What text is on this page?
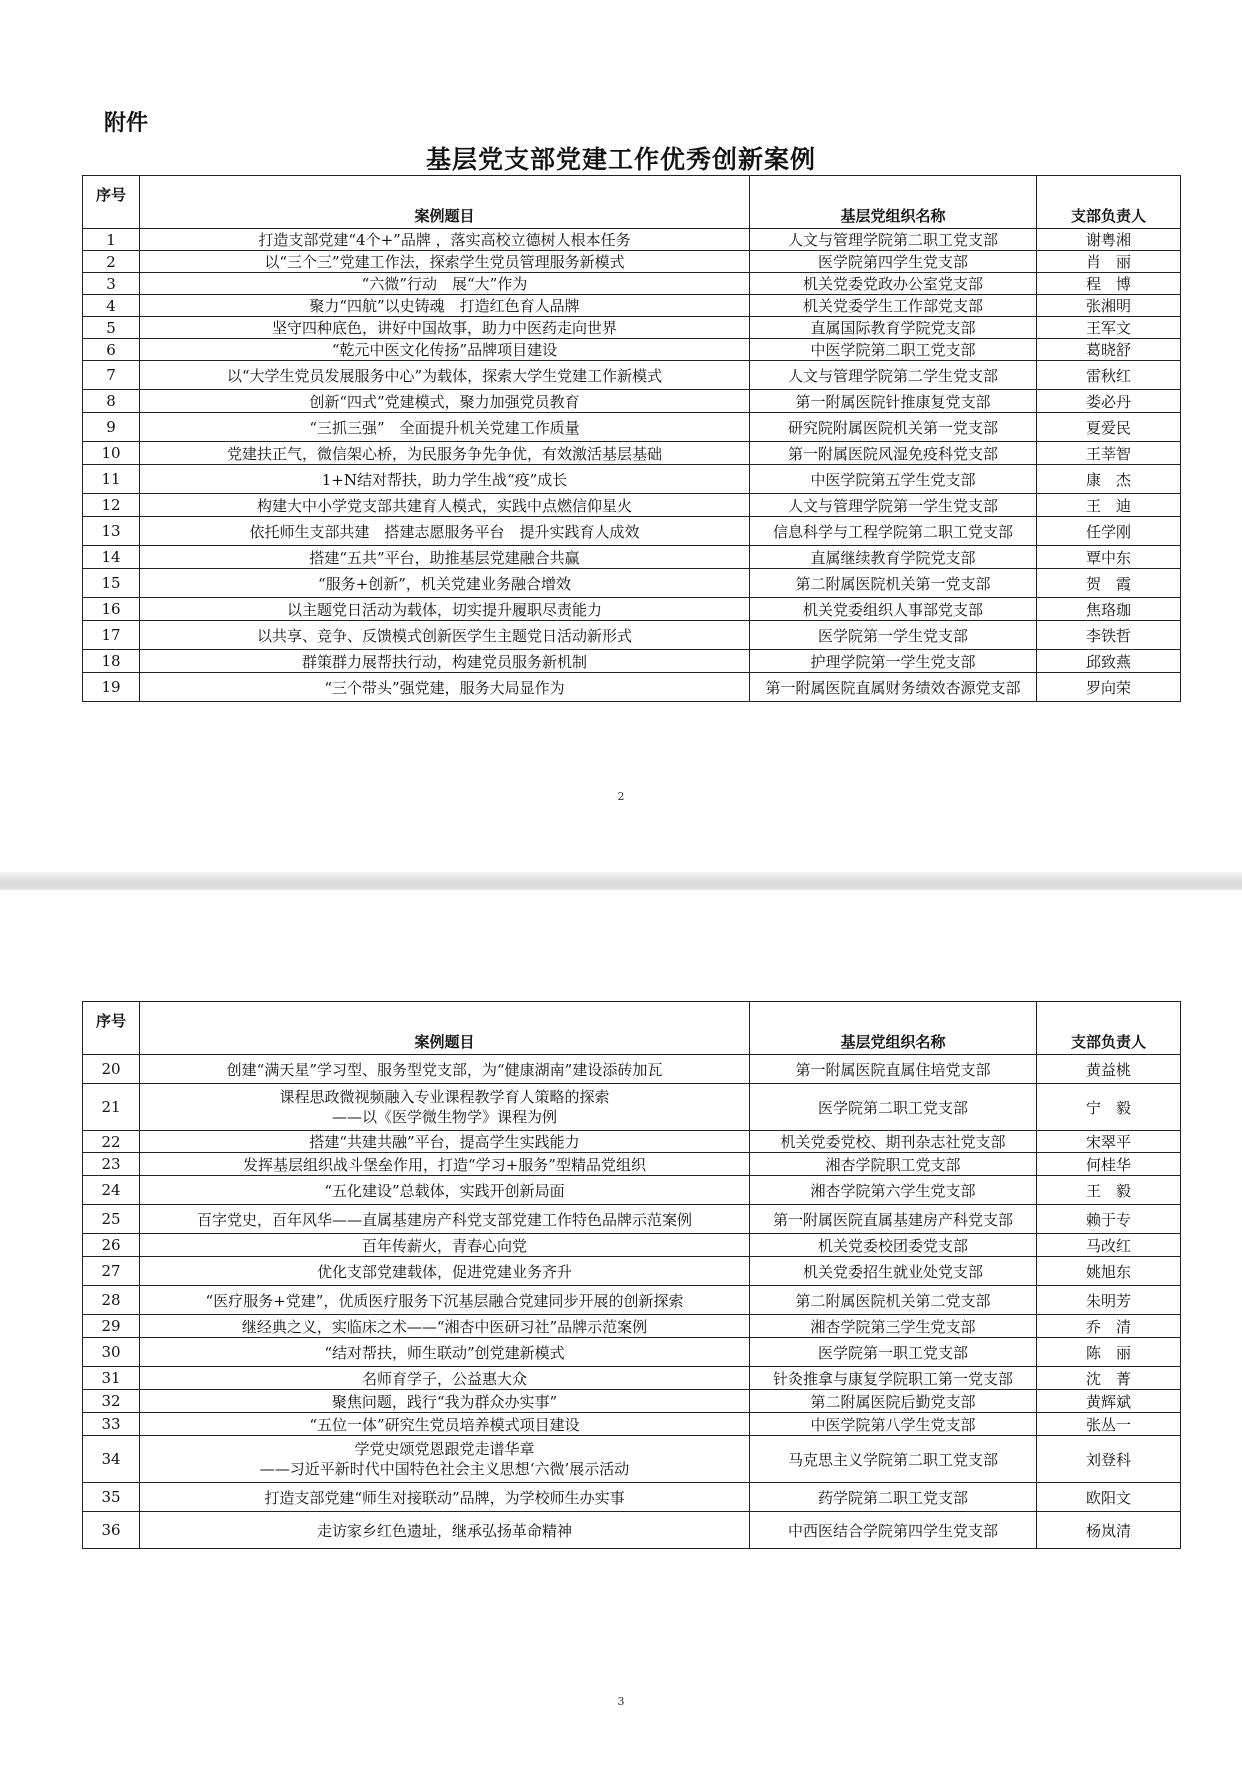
附件
基层党支部党建工作优秀创新案例
序号	案例题目	基层党组织名称	支部负责人
1	打造支部党建“4个+”品牌 ，落实高校立德树人根本任务	人文与管理学院第二职工党支部	谢粤湘
2	以“三个三”党建工作法，探索学生党员管理服务新模式	医学院第四学生党支部	肖　丽
3	“六微”行动　展“大”作为	机关党委党政办公室党支部	程　博
4	聚力“四航”以史铸魂　打造红色育人品牌	机关党委学生工作部党支部	张湘明
5	坚守四种底色，讲好中国故事，助力中医药走向世界	直属国际教育学院党支部	王军文
6	“乾元中医文化传扬”品牌项目建设	中医学院第二职工党支部	葛晓舒
7	以“大学生党员发展服务中心”为载体，探索大学生党建工作新模式	人文与管理学院第二学生党支部	雷秋红
8	创新“四式”党建模式，聚力加强党员教育	第一附属医院针推康复党支部	娄必丹
9	“三抓三强”　全面提升机关党建工作质量	研究院附属医院机关第一党支部	夏爱民
10	党建扶正气，微信架心桥，为民服务争先争优，有效激活基层基础	第一附属医院风湿免疫科党支部	王莘智
11	1+N结对帮扶，助力学生战“疫”成长	中医学院第五学生党支部	康　杰
12	构建大中小学党支部共建育人模式，实践中点燃信仰星火	人文与管理学院第一学生党支部	王　迪
13	依托师生支部共建　搭建志愿服务平台　提升实践育人成效	信息科学与工程学院第二职工党支部	任学刚
14	搭建“五共”平台，助推基层党建融合共赢	直属继续教育学院党支部	覃中东
15	“服务+创新”，机关党建业务融合增效	第二附属医院机关第一党支部	贺　霞
16	以主题党日活动为载体，切实提升履职尽责能力	机关党委组织人事部党支部	焦珞珈
17	以共享、竞争、反馈模式创新医学生主题党日活动新形式	医学院第一学生党支部	李铁哲
18	群策群力展帮扶行动，构建党员服务新机制	护理学院第一学生党支部	邱致燕
19	“三个带头”强党建，服务大局显作为	第一附属医院直属财务绩效杏源党支部	罗向荣
2
序号	案例题目	基层党组织名称	支部负责人
20	创建“满天星”学习型、服务型党支部，为“健康湖南”建设添砖加瓦	第一附属医院直属住培党支部	黄益桃
21	课程思政微视频融入专业课程教学育人策略的探索
——以《医学微生物学》课程为例	医学院第二职工党支部	宁　毅
22	搭建“共建共融”平台，提高学生实践能力	机关党委党校、期刊杂志社党支部	宋翠平
23	发挥基层组织战斗堡垒作用，打造“学习+服务”型精品党组织	湘杏学院职工党支部	何桂华
24	“五化建设”总载体，实践开创新局面	湘杏学院第六学生党支部	王　毅
25	百字党史，百年风华——直属基建房产科党支部党建工作特色品牌示范案例	第一附属医院直属基建房产科党支部	赖于专
26	百年传薪火，青春心向党	机关党委校团委党支部	马改红
27	优化支部党建载体，促进党建业务齐升	机关党委招生就业处党支部	姚旭东
28	“医疗服务+党建”，优质医疗服务下沉基层融合党建同步开展的创新探索	第二附属医院机关第二党支部	朱明芳
29	继经典之义，实临床之术——“湘杏中医研习社”品牌示范案例	湘杏学院第三学生党支部	乔　清
30	“结对帮扶，师生联动”创党建新模式	医学院第一职工党支部	陈　丽
31	名师育学子，公益惠大众	针灸推拿与康复学院职工第一党支部	沈　菁
32	聚焦问题，践行“我为群众办实事”	第二附属医院后勤党支部	黄辉斌
33	“五位一体”研究生党员培养模式项目建设	中医学院第八学生党支部	张丛一
34	学党史颂党恩跟党走谱华章
——习近平新时代中国特色社会主义思想‘六微’展示活动	马克思主义学院第二职工党支部	刘登科
35	打造支部党建“师生对接联动”品牌，为学校师生办实事	药学院第二职工党支部	欧阳文
36	走访家乡红色遗址，继承弘扬革命精神	中西医结合学院第四学生党支部	杨岚清
3
